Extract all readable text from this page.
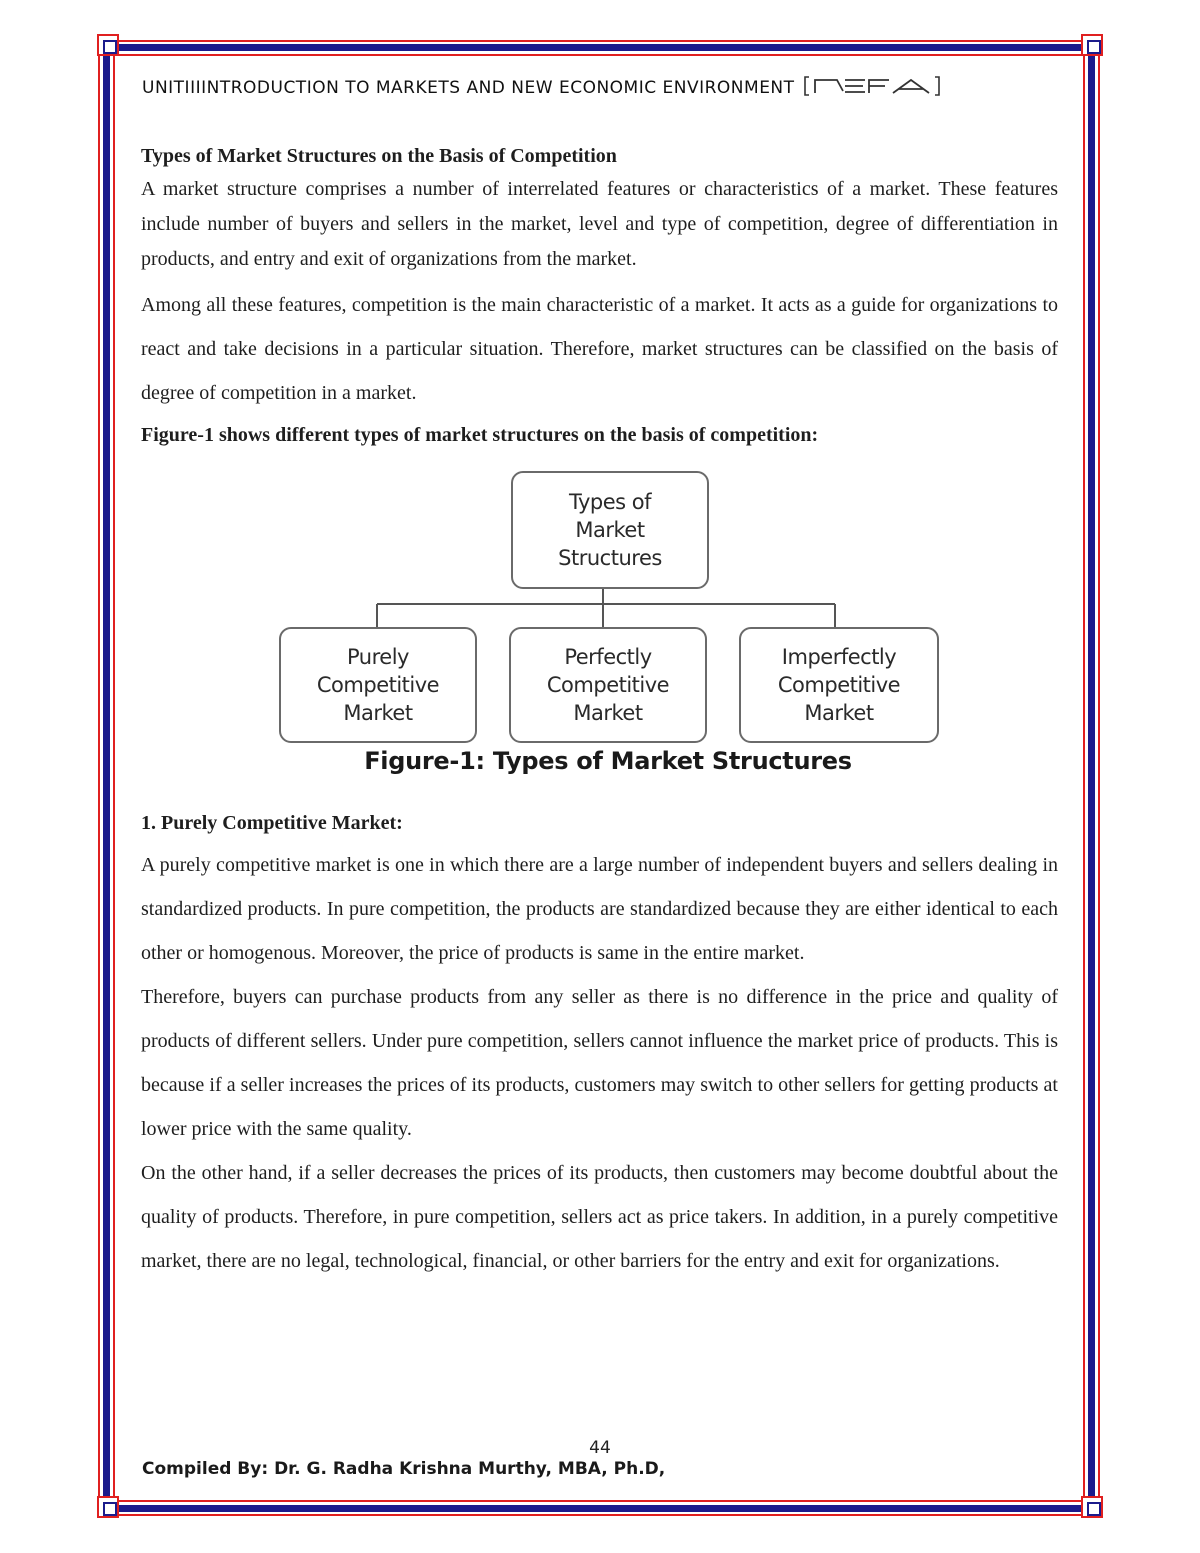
UNITIIIINTRODUCTION TO MARKETS AND NEW ECONOMIC ENVIRONMENT
Types of Market Structures on the Basis of Competition

A market structure comprises a number of interrelated features or characteristics of a market. These features include number of buyers and sellers in the market, level and type of competition, degree of differentiation in products, and entry and exit of organizations from the market.

Among all these features, competition is the main characteristic of a market. It acts as a guide for organizations to react and take decisions in a particular situation. Therefore, market structures can be classified on the basis of degree of competition in a market.

Figure-1 shows different types of market structures on the basis of competition:

Types of
Market
Structures
Purely
Competitive
Market
Perfectly
Competitive
Market
Imperfectly
Competitive
Market
Figure-1: Types of Market Structures
1. Purely Competitive Market:

A purely competitive market is one in which there are a large number of independent buyers and sellers dealing in standardized products. In pure competition, the products are standardized because they are either identical to each other or homogenous. Moreover, the price of products is same in the entire market.

Therefore, buyers can purchase products from any seller as there is no difference in the price and quality of products of different sellers. Under pure competition, sellers cannot influence the market price of products. This is because if a seller increases the prices of its products, customers may switch to other sellers for getting products at lower price with the same quality.

On the other hand, if a seller decreases the prices of its products, then customers may become doubtful about the quality of products. Therefore, in pure competition, sellers act as price takers. In addition, in a purely competitive market, there are no legal, technological, financial, or other barriers for the entry and exit for organizations.

44
Compiled By: Dr. G. Radha Krishna Murthy, MBA, Ph.D,
